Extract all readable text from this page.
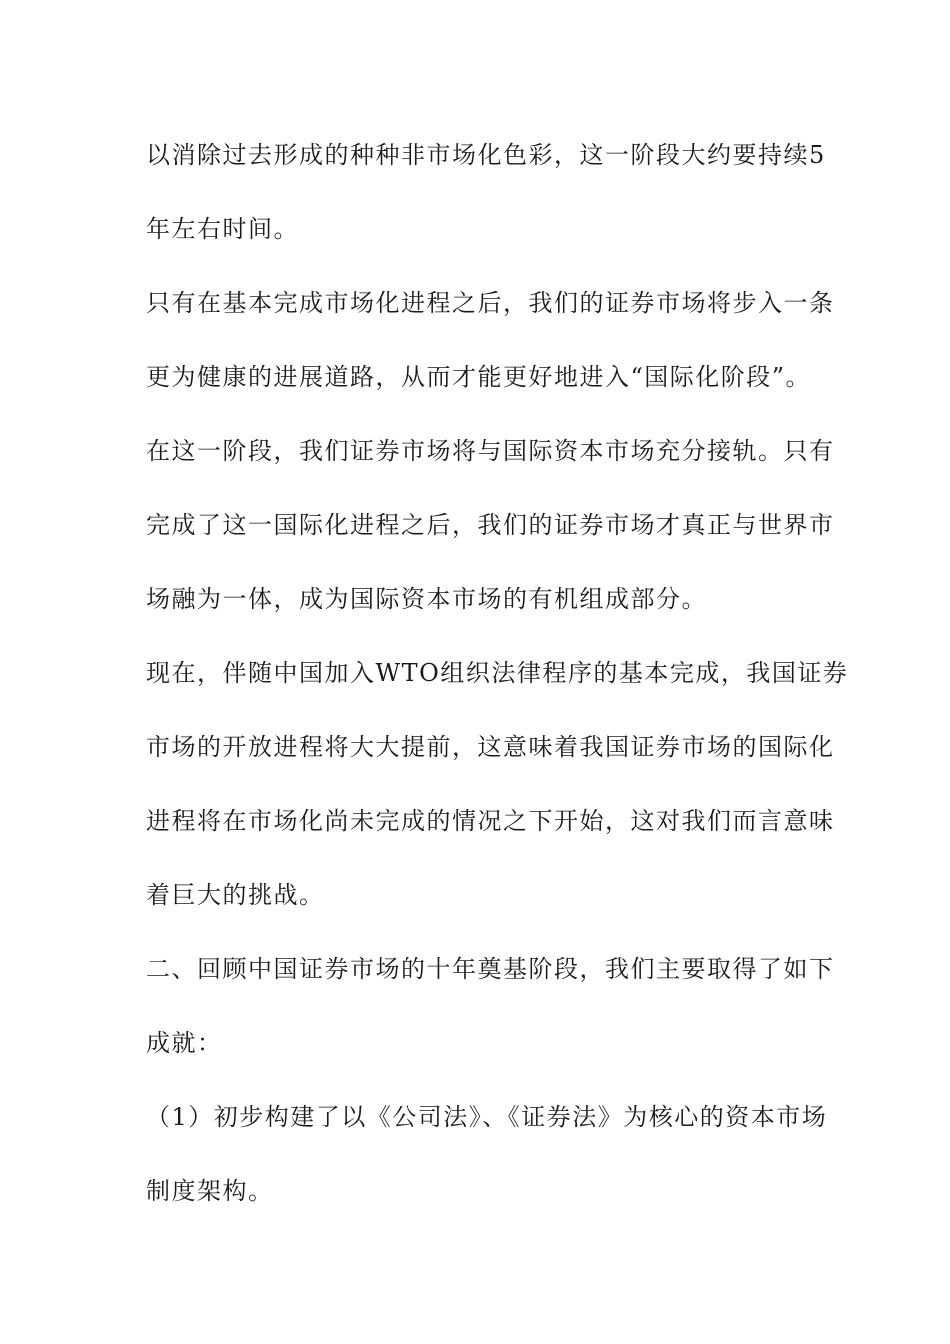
以消除过去形成的种种非市场化色彩，这一阶段大约要持续5
年左右时间。
只有在基本完成市场化进程之后，我们的证券市场将步入一条
更为健康的进展道路，从而才能更好地进入“国际化阶段”。
在这一阶段，我们证券市场将与国际资本市场充分接轨。只有
完成了这一国际化进程之后，我们的证券市场才真正与世界市
场融为一体，成为国际资本市场的有机组成部分。
现在，伴随中国加入WTO组织法律程序的基本完成，我国证券
市场的开放进程将大大提前，这意味着我国证券市场的国际化
进程将在市场化尚未完成的情况之下开始，这对我们而言意味
着巨大的挑战。
二、回顾中国证券市场的十年奠基阶段，我们主要取得了如下
成就：
（1）初步构建了以《公司法》、《证券法》为核心的资本市场
制度架构。
